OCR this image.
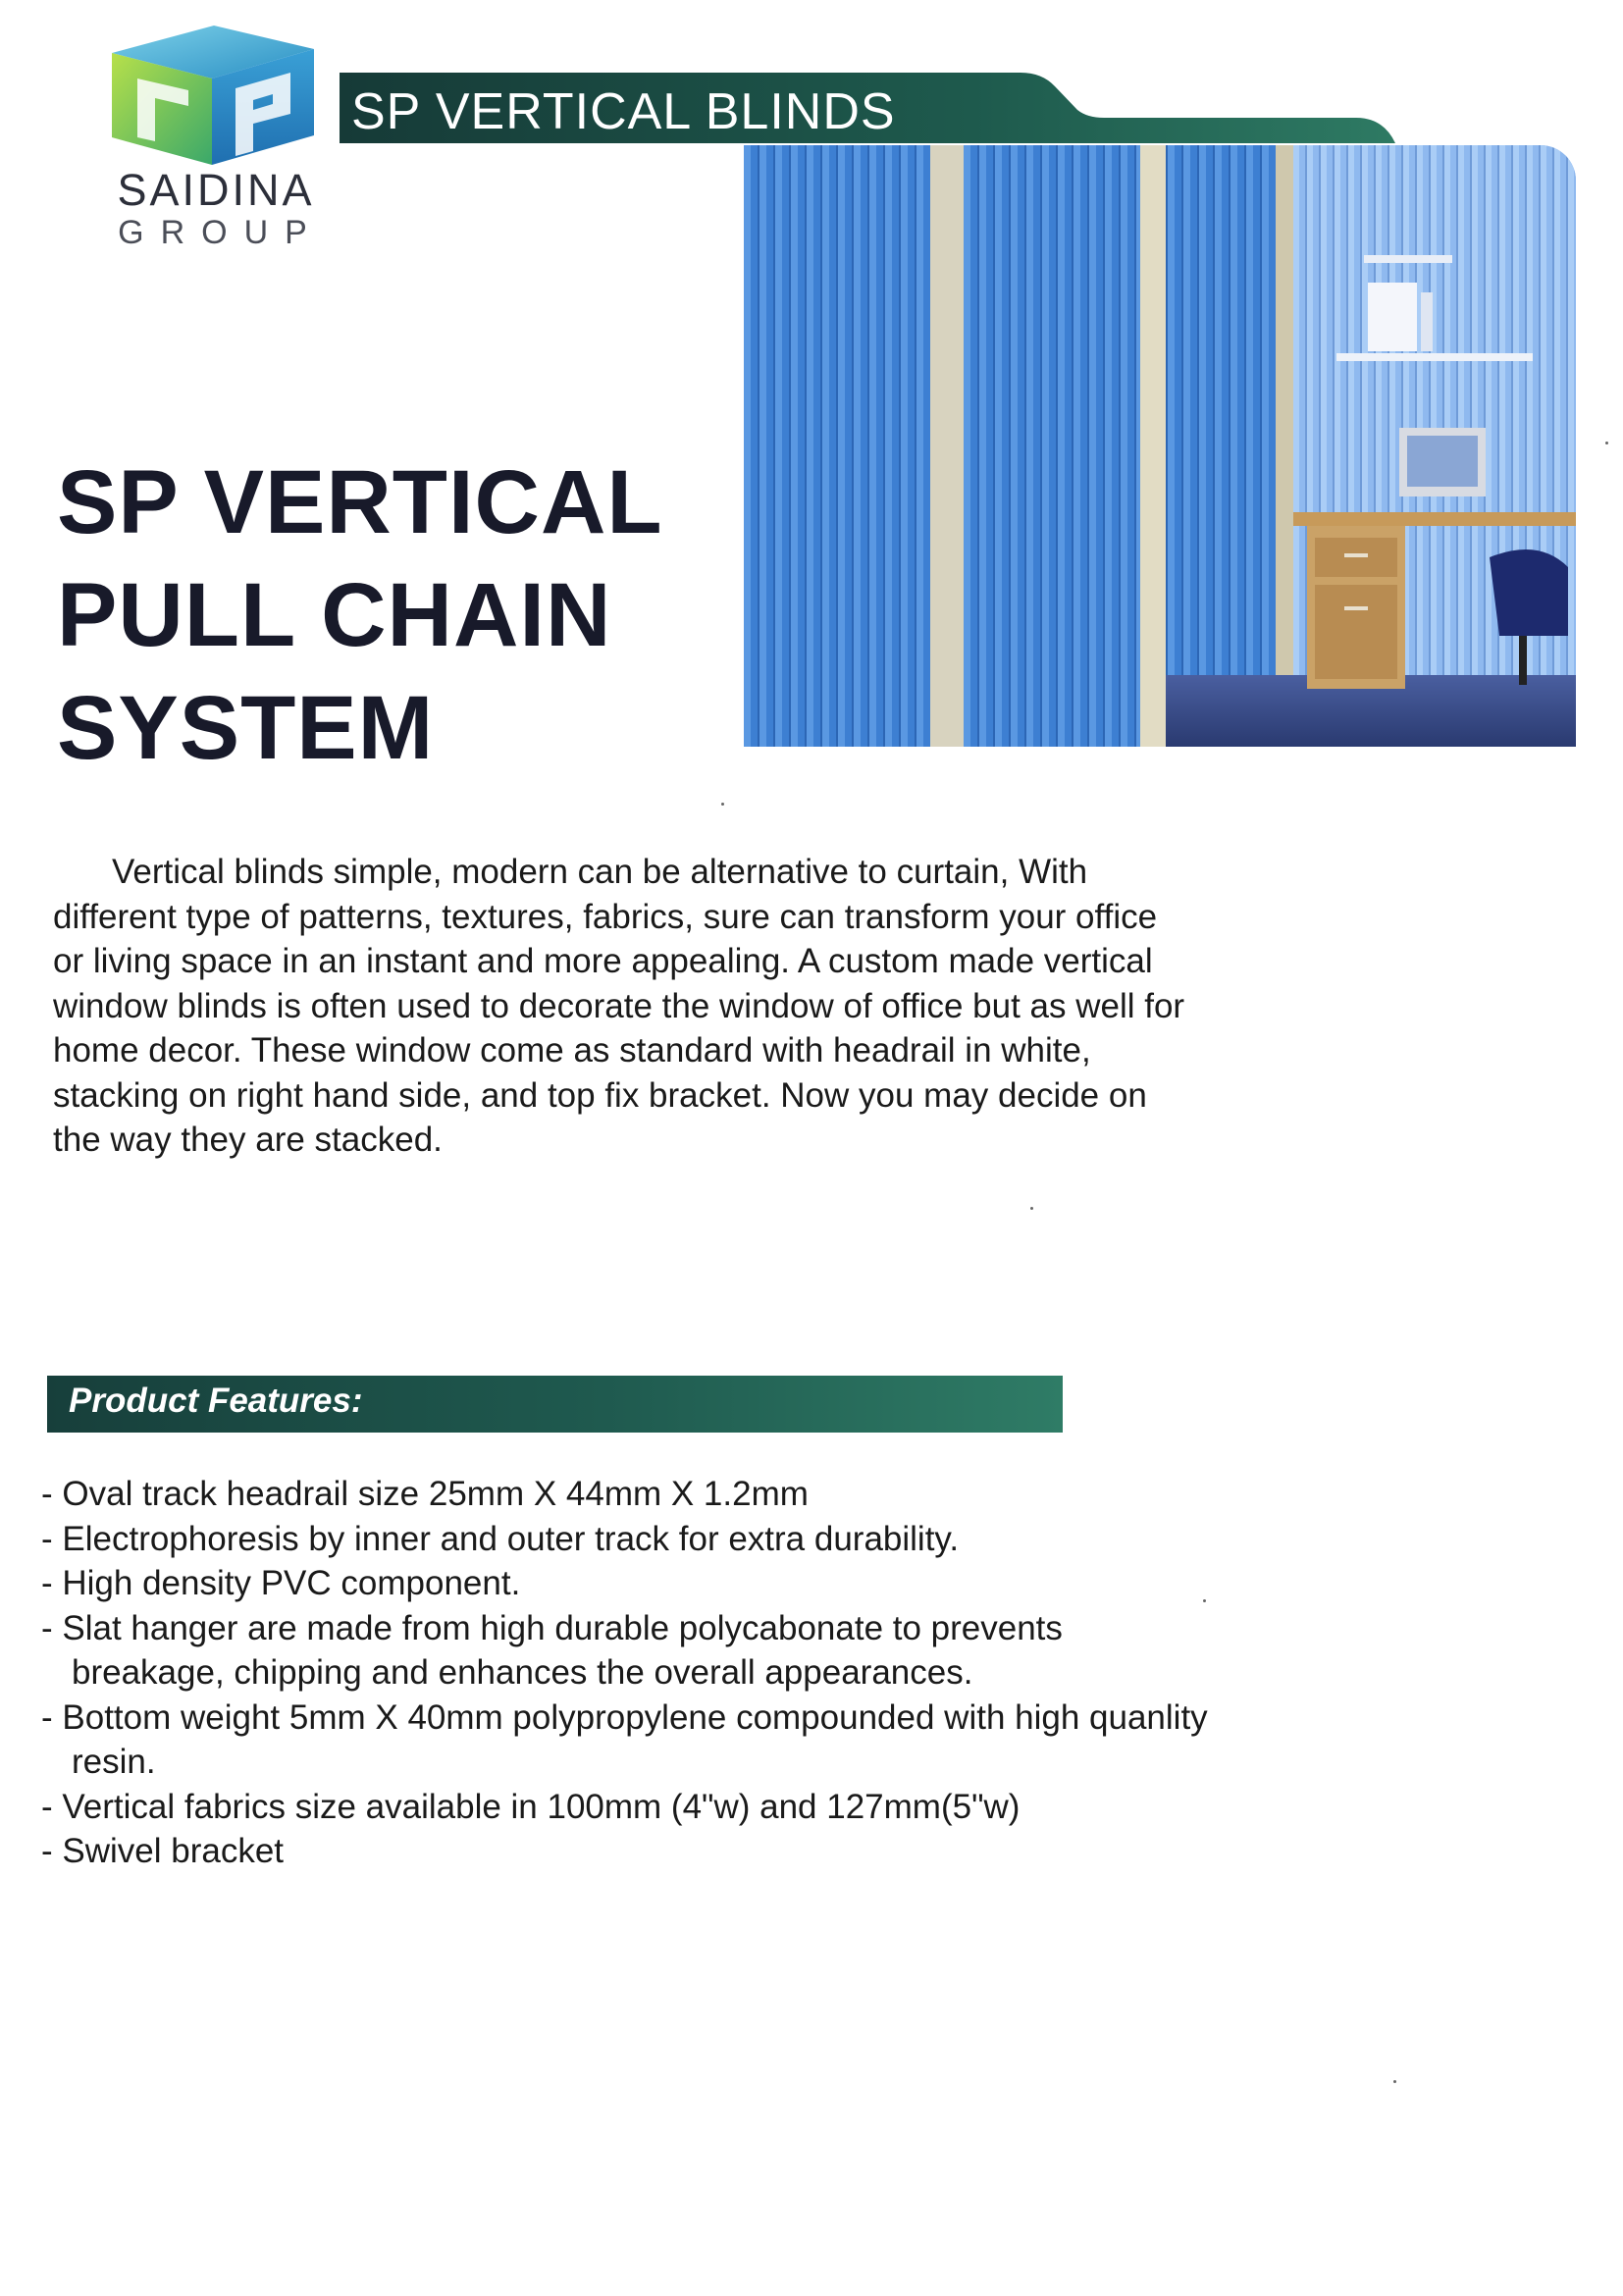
SP VERTICAL BLINDS
SAIDINA
GROUP
SP VERTICAL
PULL CHAIN
SYSTEM

Vertical blinds simple, modern can be alternative to curtain, With different type of patterns, textures, fabrics, sure can transform your office or living space in an instant and more appealing. A custom made vertical window blinds is often used to decorate the window of office but as well for home decor. These window come as standard with headrail in white, stacking on right hand side, and top fix bracket. Now you may decide on the way they are stacked.

Product Features:
- Oval track headrail size 25mm X 44mm X 1.2mm
- Electrophoresis by inner and outer track for extra durability.
- High density PVC component.
- Slat hanger are made from high durable polycabonate to prevents breakage, chipping and enhances the overall appearances.
- Bottom weight 5mm X 40mm polypropylene compounded with high quanlity resin.
- Vertical fabrics size available in 100mm (4"w) and 127mm(5"w)
- Swivel bracket
